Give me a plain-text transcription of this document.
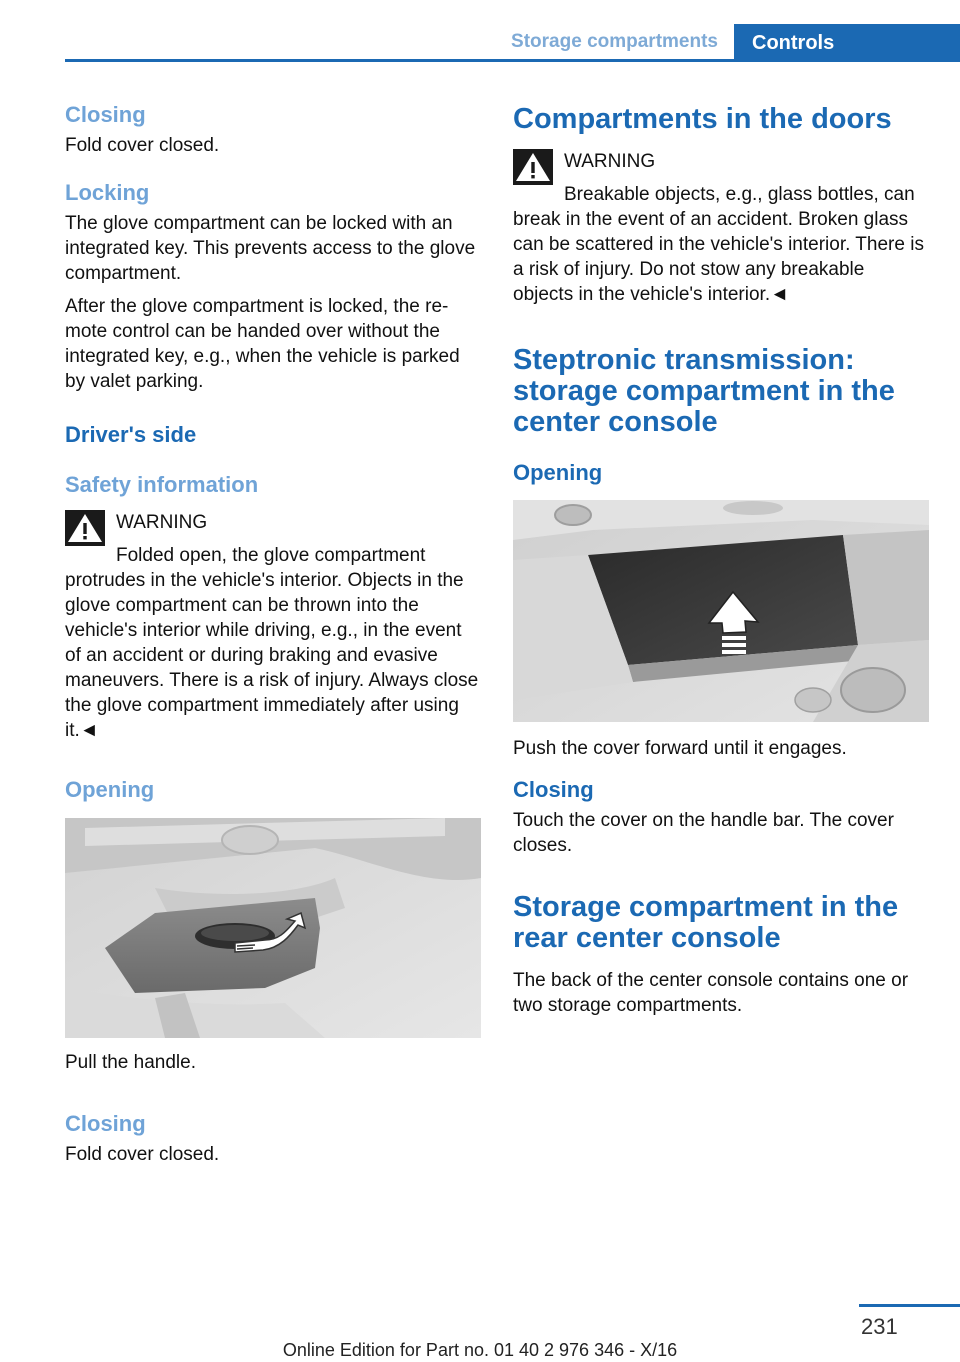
Storage compartments	Controls
Closing

Fold cover closed.

Locking

The glove compartment can be locked with an integrated key. This prevents access to the glove compartment.

After the glove compartment is locked, the re-mote control can be handed over without the integrated key, e.g., when the vehicle is parked by valet parking.

Driver's side
Safety information
WARNING

Folded open, the glove compartment protrudes in the vehicle's interior. Objects in the glove compartment can be thrown into the vehicle's interior while driving, e.g., in the event of an accident or during braking and evasive maneuvers. There is a risk of injury. Always close the glove compartment immediately after using it.◄

Opening

Pull the handle.

Closing

Fold cover closed.

Compartments in the doors
WARNING

Breakable objects, e.g., glass bottles, can break in the event of an accident. Broken glass can be scattered in the vehicle's interior. There is a risk of injury. Do not stow any breakable objects in the vehicle's interior.◄

Steptronic transmission: storage compartment in the center console
Opening

Push the cover forward until it engages.

Closing

Touch the cover on the handle bar. The cover closes.

Storage compartment in the rear center console

The back of the center console contains one or two storage compartments.

231
Online Edition for Part no. 01 40 2 976 346 - X/16
